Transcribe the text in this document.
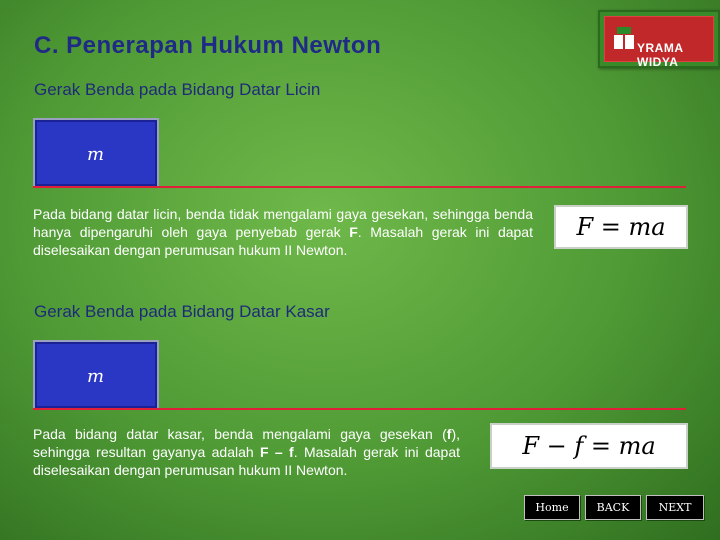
C. Penerapan Hukum Newton	YRAMA WIDYA
Gerak Benda pada Bidang Datar Licin
m
Pada bidang datar licin, benda tidak mengalami gaya gesekan, sehingga benda hanya dipengaruhi oleh gaya penyebab gerak F. Masalah gerak ini dapat diselesaikan dengan perumusan hukum II Newton.
F = ma
Gerak Benda pada Bidang Datar Kasar
m
Pada bidang datar kasar, benda mengalami gaya gesekan (f), sehingga resultan gayanya adalah F – f. Masalah gerak ini dapat diselesaikan dengan perumusan hukum II Newton.
F − f = ma
Home	BACK	NEXT
